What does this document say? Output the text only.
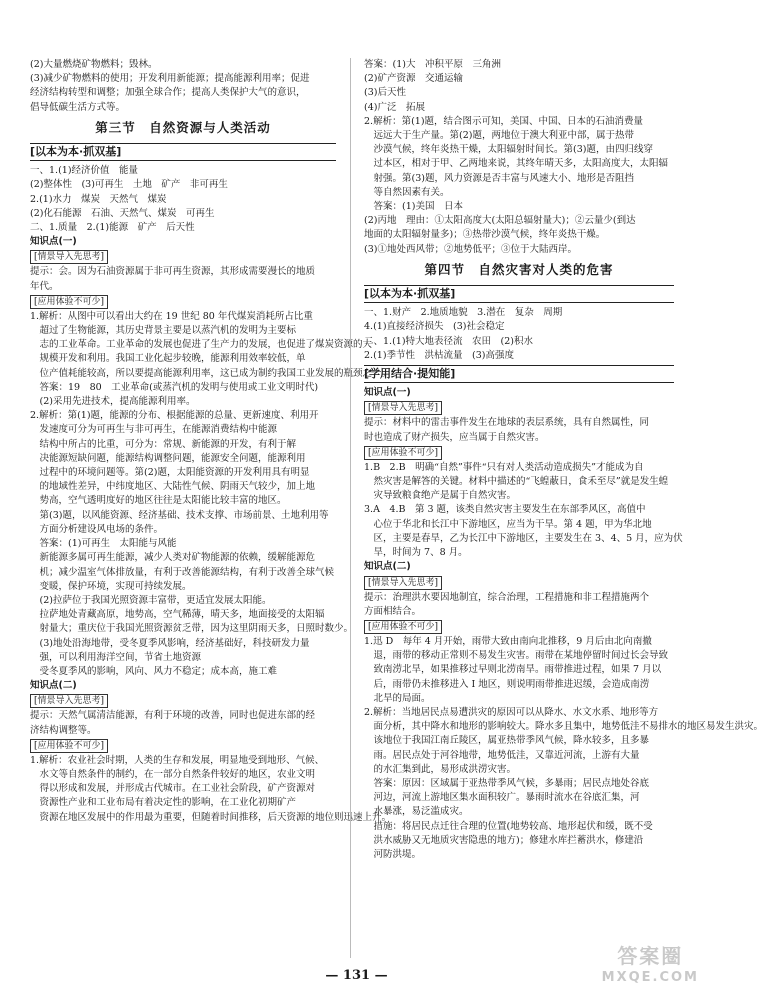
(2)大量燃烧矿物燃料；毁林。
(3)减少矿物燃料的使用；开发利用新能源；提高能源利用率；促进
经济结构转型和调整；加强全球合作；提高人类保护大气的意识，
倡导低碳生活方式等。
第三节　自然资源与人类活动
[以本为本·抓双基]
一、1.(1)经济价值　能量
(2)整体性　(3)可再生　土地　矿产　非可再生
2.(1)水力　煤炭　天然气　煤炭
(2)化石能源　石油、天然气、煤炭　可再生
二、1.质量　2.(1)能源　矿产　后天性
知识点(一)
[情景导入先思考]
提示：会。因为石油资源属于非可再生资源，其形成需要漫长的地质
年代。
[应用体验不可少]
1.解析：从图中可以看出大约在 19 世纪 80 年代煤炭消耗所占比重
　超过了生物能源，其历史背景主要是以蒸汽机的发明为主要标
　志的工业革命。工业革命的发展也促进了生产力的发展，也促进了煤炭资源的大
　规模开发和利用。我国工业化起步较晚，能源利用效率较低，单
　位产值耗能较高，所以要提高能源利用率，这已成为制约我国工业发展的瓶颈之一。
　答案：19　80　工业革命(或蒸汽机的发明与使用或工业文明时代)
　(2)采用先进技术，提高能源利用率。
2.解析：第(1)题，能源的分布、根据能源的总量、更新速度、利用开
　发速度可分为可再生与非可再生，在能源消费结构中能源
　结构中所占的比重，可分为：常规、新能源的开发，有利于解
　决能源短缺问题，能源结构调整问题，能源安全问题，能源利用
　过程中的环境问题等。第(2)题，太阳能资源的开发利用具有明显
　的地域性差异，中纬度地区、大陆性气候、阴雨天气较少，加上地
　势高，空气透明度好的地区往往是太阳能比较丰富的地区。
　第(3)题，以风能资源、经济基础、技术支撑、市场前景、土地利用等
　方面分析建设风电场的条件。
　答案：(1)可再生　太阳能与风能
　新能源多属可再生能源，减少人类对矿物能源的依赖，缓解能源危
　机；减少温室气体排放量，有利于改善能源结构，有利于改善全球气候
　变暖，保护环境，实现可持续发展。
　(2)拉萨位于我国光照资源丰富带，更适宜发展太阳能。
　拉萨地处青藏高原，地势高，空气稀薄，晴天多，地面接受的太阳辐
　射量大；重庆位于我国光照资源贫乏带，因为这里阴雨天多，日照时数少。
　(3)地处沿海地带，受冬夏季风影响，经济基础好，科技研发力量
　强，可以利用海洋空间，节省土地资源
　受冬夏季风的影响，风向、风力不稳定；成本高，施工难
知识点(二)
[情景导入先思考]
提示：天然气属清洁能源，有利于环境的改善，同时也促进东部的经
济结构调整等。
[应用体验不可少]
1.解析：农业社会时期，人类的生存和发展，明显地受到地形、气候、
　水文等自然条件的制约，在一部分自然条件较好的地区，农业文明
　得以形成和发展，并形成古代城市。在工业社会阶段，矿产资源对
　资源性产业和工业布局有着决定性的影响，在工业化初期矿产
　资源在地区发展中的作用最为重要，但随着时间推移，后天资源的地位则迅速上升。
答案：(1)大　冲积平原　三角洲
(2)矿产资源　交通运输
(3)后天性
(4)广泛　拓展
2.解析：第(1)题，结合图示可知，美国、中国、日本的石油消费量
　远远大于生产量。第(2)题，两地位于澳大利亚中部，属于热带
　沙漠气候，终年炎热干燥，太阳辐射时间长。第(3)题，由四归线穿
　过本区，相对于甲、乙两地来说，其终年晴天多，太阳高度大，太阳辐
　射强。第(3)题，风力资源是否丰富与风速大小、地形是否阻挡
　等自然因素有关。
　答案：(1)美国　日本
(2)丙地　理由：①太阳高度大(太阳总辐射量大)；②云量少(到达
地面的太阳辐射量多)；③热带沙漠气候，终年炎热干燥。
(3)①地处西风带；②地势低平；③位于大陆西岸。
第四节　自然灾害对人类的危害
[以本为本·抓双基]
一、1.财产　2.地质地貌　3.潜在　复杂　周期
4.(1)直接经济损失　(3)社会稳定
二、1.(1)特大地表径流　农田　(2)积水
2.(1)季节性　洪枯流量　(3)高强度
[学用结合·提知能]
知识点(一)
[情景导入先思考]
提示：材料中的雷击事件发生在地球的表层系统，具有自然属性，同
时也造成了财产损失，应当属于自然灾害。
[应用体验不可少]
1.B　2.B　明确“自然”事件“只有对人类活动造成损失”才能成为自
　然灾害是解答的关键。材料中描述的“飞蝗蔽日，食禾至尽”就是发生蝗
　灾导致粮食绝产是属于自然灾害。
3.A　4.B　第 3 题，该类自然灾害主要发生在东部季风区，高值中
　心位于华北和长江中下游地区，应当为干旱。第 4 题，甲为华北地
　区，主要是春旱，乙为长江中下游地区，主要发生在 3、4、5 月，应为伏
　旱，时间为 7、8 月。
知识点(二)
[情景导入先思考]
提示：治理洪水要因地制宜，综合治理，工程措施和非工程措施两个
方面相结合。
[应用体验不可少]
1.迅 D　每年 4 月开始，雨带大致由南向北推移，9 月后由北向南撤
　退，雨带的移动正常则不易发生灾害。雨带在某地停留时间过长会导致
　致南涝北旱，如果推移过早则北涝南旱。雨带推进过程，如果 7 月以
　后，雨带仍未推移进入 I 地区，则说明雨带推进迟缓，会造成南涝
　北旱的局面。
2.解析：当地居民点易遭洪灾的原因可以从降水、水文水系、地形等方
　面分析，其中降水和地形的影响较大。降水多且集中，地势低洼不易排水的地区易发生洪灾。
　该地位于我国江南丘陵区，属亚热带季风气候，降水较多，且多暴
　雨。居民点处于河谷地带，地势低洼，又靠近河流，上游有大量
　的水汇集到此，易形成洪涝灾害。
　答案：原因：区域属于亚热带季风气候，多暴雨；居民点地处谷底
　河边，河流上游地区集水面积较广。暴雨时流水在谷底汇集，河
　水暴涨，易泛滥成灾。
　措施：将居民点迁往合理的位置(地势较高、地形起伏和缓，既不受
　洪水威胁又无地质灾害隐患的地方)；修建水库拦蓄洪水，修建沿
　河防洪堤。
— 131 —
答案圈
MXQE.COM
